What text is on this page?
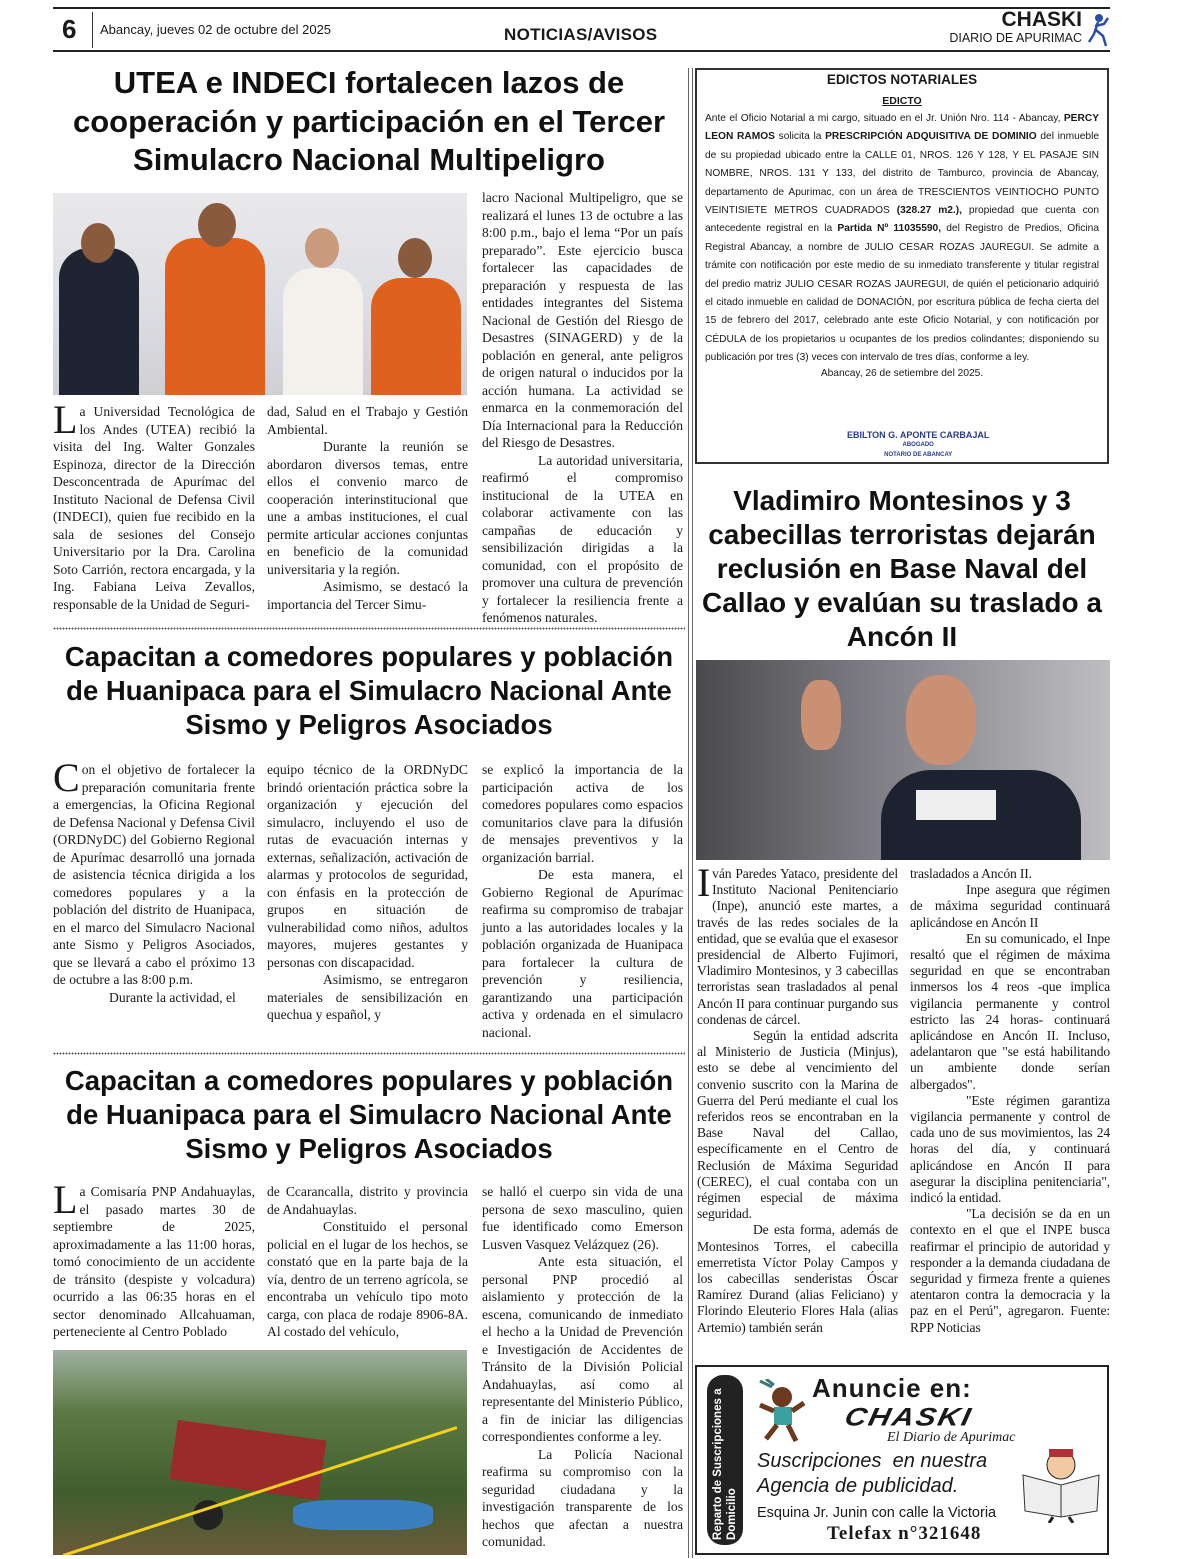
6 Abancay, jueves 02 de octubre del 2025	NOTICIAS/AVISOS
CHASKI
DIARIO DE APURIMAC
UTEA e INDECI fortalecen lazos de cooperación y participación en el Tercer Simulacro Nacional Multipeligro

La Universidad Tecnológica de los Andes (UTEA) recibió la visita del Ing. Walter Gonzales Espinoza, director de la Dirección Desconcentrada de Apurímac del Instituto Nacional de Defensa Civil (INDECI), quien fue recibido en la sala de sesiones del Consejo Universitario por la Dra. Carolina Soto Carrión, rectora encargada, y la Ing. Fabiana Leiva Zevallos, responsable de la Unidad de Seguri-

dad, Salud en el Trabajo y Gestión Ambiental.

Durante la reunión se abordaron diversos temas, entre ellos el convenio marco de cooperación interinstitucional que une a ambas instituciones, el cual permite articular acciones conjuntas en beneficio de la comunidad universitaria y la región.

Asimismo, se destacó la importancia del Tercer Simu-

lacro Nacional Multipeligro, que se realizará el lunes 13 de octubre a las 8:00 p.m., bajo el lema “Por un país preparado”. Este ejercicio busca fortalecer las capacidades de preparación y respuesta de las entidades integrantes del Sistema Nacional de Gestión del Riesgo de Desastres (SINAGERD) y de la población en general, ante peligros de origen natural o inducidos por la acción humana. La actividad se enmarca en la conmemoración del Día Internacional para la Reducción del Riesgo de Desastres.

La autoridad universitaria, reafirmó el compromiso institucional de la UTEA en colaborar activamente con las campañas de educación y sensibilización dirigidas a la comunidad, con el propósito de promover una cultura de prevención y fortalecer la resiliencia frente a fenómenos naturales.

Capacitan a comedores populares y población de Huanipaca para el Simulacro Nacional Ante Sismo y Peligros Asociados

Con el objetivo de fortalecer la preparación comunitaria frente a emergencias, la Oficina Regional de Defensa Nacional y Defensa Civil (ORDNyDC) del Gobierno Regional de Apurímac desarrolló una jornada de asistencia técnica dirigida a los comedores populares y a la población del distrito de Huanipaca, en el marco del Simulacro Nacional ante Sismo y Peligros Asociados, que se llevará a cabo el próximo 13 de octubre a las 8:00 p.m.

Durante la actividad, el

equipo técnico de la ORDNyDC brindó orientación práctica sobre la organización y ejecución del simulacro, incluyendo el uso de rutas de evacuación internas y externas, señalización, activación de alarmas y protocolos de seguridad, con énfasis en la protección de grupos en situación de vulnerabilidad como niños, adultos mayores, mujeres gestantes y personas con discapacidad.

Asimismo, se entregaron materiales de sensibilización en quechua y español, y

se explicó la importancia de la participación activa de los comedores populares como espacios comunitarios clave para la difusión de mensajes preventivos y la organización barrial.

De esta manera, el Gobierno Regional de Apurímac reafirma su compromiso de trabajar junto a las autoridades locales y la población organizada de Huanipaca para fortalecer la cultura de prevención y resiliencia, garantizando una participación activa y ordenada en el simulacro nacional.

Capacitan a comedores populares y población de Huanipaca para el Simulacro Nacional Ante Sismo y Peligros Asociados

La Comisaría PNP Andahuaylas, el pasado martes 30 de septiembre de 2025, aproximadamente a las 11:00 horas, tomó conocimiento de un accidente de tránsito (despiste y volcadura) ocurrido a las 06:35 horas en el sector denominado Allcahuaman, perteneciente al Centro Poblado

de Ccarancalla, distrito y provincia de Andahuaylas.

Constituido el personal policial en el lugar de los hechos, se constató que en la parte baja de la vía, dentro de un terreno agrícola, se encontraba un vehículo tipo moto carga, con placa de rodaje 8906-8A. Al costado del vehículo,

se halló el cuerpo sin vida de una persona de sexo masculino, quien fue identificado como Emerson Lusven Vasquez Velázquez (26).

Ante esta situación, el personal PNP procedió al aislamiento y protección de la escena, comunicando de inmediato el hecho a la Unidad de Prevención e Investigación de Accidentes de Tránsito de la División Policial Andahuaylas, así como al representante del Ministerio Público, a fin de iniciar las diligencias correspondientes conforme a ley.

La Policía Nacional reafirma su compromiso con la seguridad ciudadana y la investigación transparente de los hechos que afectan a nuestra comunidad.

EDICTOS NOTARIALES
EDICTO
Ante el Oficio Notarial a mi cargo, situado en el Jr. Unión Nro. 114 - Abancay, PERCY LEON RAMOS solicita la PRESCRIPCIÓN ADQUISITIVA DE DOMINIO del inmueble de su propiedad ubicado entre la CALLE 01, NROS. 126 Y 128, Y EL PASAJE SIN NOMBRE, NROS. 131 Y 133, del distrito de Tamburco, provincia de Abancay, departamento de Apurimac, con un área de TRESCIENTOS VEINTIOCHO PUNTO VEINTISIETE METROS CUADRADOS (328.27 m2.), propiedad que cuenta con antecedente registral en la Partida Nº 11035590, del Registro de Predios, Oficina Registral Abancay, a nombre de JULIO CESAR ROZAS JAUREGUI. Se admite a trámite con notificación por este medio de su inmediato transferente y titular registral del predio matriz JULIO CESAR ROZAS JAUREGUI, de quién el peticionario adquirió el citado inmueble en calidad de DONACIÓN, por escritura pública de fecha cierta del 15 de febrero del 2017, celebrado ante este Oficio Notarial, y con notificación por CÉDULA de los propietarios u ocupantes de los predios colindantes; disponiendo su publicación por tres (3) veces con intervalo de tres días, conforme a ley.
Abancay, 26 de setiembre del 2025.
EBILTON G. APONTE CARBAJAL
ABOGADO
NOTARIO DE ABANCAY
Vladimiro Montesinos y 3 cabecillas terroristas dejarán reclusión en Base Naval del Callao y evalúan su traslado a Ancón II

Iván Paredes Yataco, presidente del Instituto Nacional Penitenciario (Inpe), anunció este martes, a través de las redes sociales de la entidad, que se evalúa que el exasesor presidencial de Alberto Fujimori, Vladimiro Montesinos, y 3 cabecillas terroristas sean trasladados al penal Ancón II para continuar purgando sus condenas de cárcel.

Según la entidad adscrita al Ministerio de Justicia (Minjus), esto se debe al vencimiento del convenio suscrito con la Marina de Guerra del Perú mediante el cual los referidos reos se encontraban en la Base Naval del Callao, específicamente en el Centro de Reclusión de Máxima Seguridad (CEREC), el cual contaba con un régimen especial de máxima seguridad.

De esta forma, además de Montesinos Torres, el cabecilla emerretista Víctor Polay Campos y los cabecillas senderistas Óscar Ramírez Durand (alias Feliciano) y Florindo Eleuterio Flores Hala (alias Artemio) también serán

trasladados a Ancón II.

Inpe asegura que régimen de máxima seguridad continuará aplicándose en Ancón II

En su comunicado, el Inpe resaltó que el régimen de máxima seguridad en que se encontraban inmersos los 4 reos -que implica vigilancia permanente y control estricto las 24 horas- continuará aplicándose en Ancón II. Incluso, adelantaron que "se está habilitando un ambiente donde serían albergados".

"Este régimen garantiza vigilancia permanente y control de cada uno de sus movimientos, las 24 horas del día, y continuará aplicándose en Ancón II para asegurar la disciplina penitenciaria", indicó la entidad.

"La decisión se da en un contexto en el que el INPE busca reafirmar el principio de autoridad y responder a la demanda ciudadana de seguridad y firmeza frente a quienes atentaron contra la democracia y la paz en el Perú", agregaron. Fuente: RPP Noticias

Reparto de Suscripciones a Domicilio
Anuncie en:
CHASKI
El Diario de Apurimac
Suscripciones  en nuestra
Agencia de publicidad.
Esquina Jr. Junin con calle la Victoria
Telefax n°321648
